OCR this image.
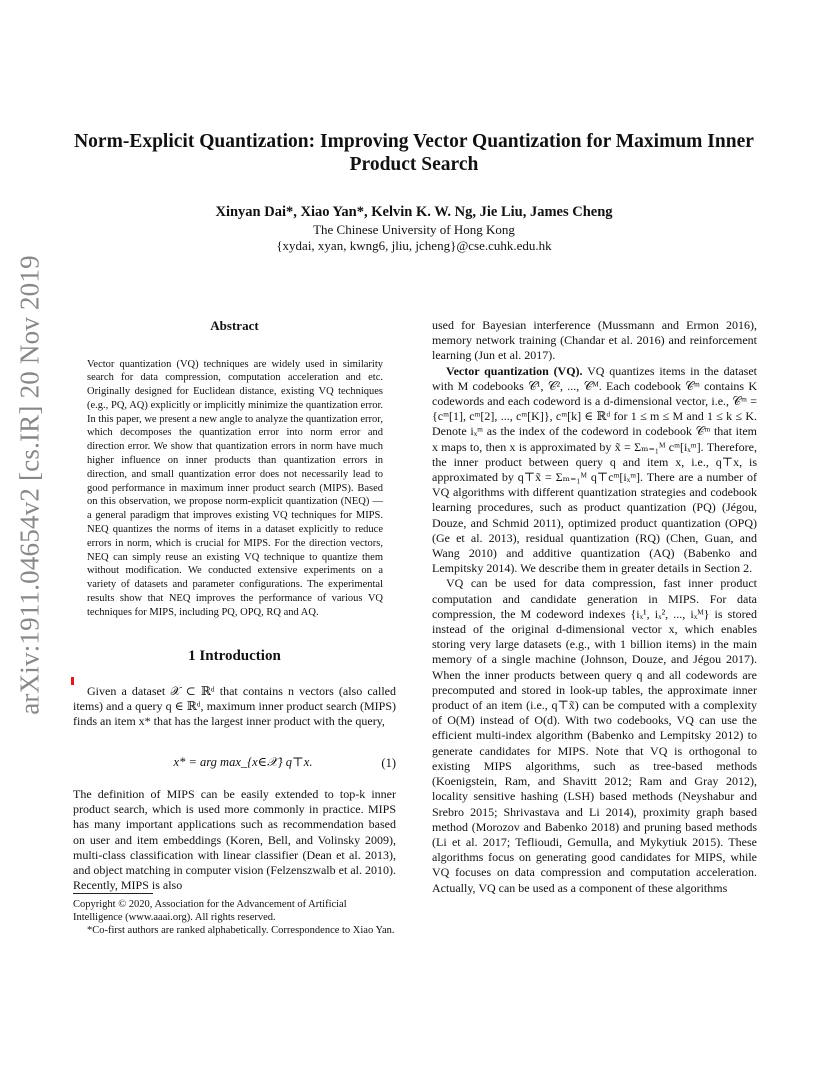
arXiv:1911.04654v2 [cs.IR] 20 Nov 2019
Norm-Explicit Quantization: Improving Vector Quantization for Maximum Inner Product Search
Xinyan Dai*, Xiao Yan*, Kelvin K. W. Ng, Jie Liu, James Cheng
The Chinese University of Hong Kong
{xydai, xyan, kwng6, jliu, jcheng}@cse.cuhk.edu.hk
Abstract

Vector quantization (VQ) techniques are widely used in similarity search for data compression, computation acceleration and etc. Originally designed for Euclidean distance, existing VQ techniques (e.g., PQ, AQ) explicitly or implicitly minimize the quantization error. In this paper, we present a new angle to analyze the quantization error, which decomposes the quantization error into norm error and direction error. We show that quantization errors in norm have much higher influence on inner products than quantization errors in direction, and small quantization error does not necessarily lead to good performance in maximum inner product search (MIPS). Based on this observation, we propose norm-explicit quantization (NEQ) — a general paradigm that improves existing VQ techniques for MIPS. NEQ quantizes the norms of items in a dataset explicitly to reduce errors in norm, which is crucial for MIPS. For the direction vectors, NEQ can simply reuse an existing VQ technique to quantize them without modification. We conducted extensive experiments on a variety of datasets and parameter configurations. The experimental results show that NEQ improves the performance of various VQ techniques for MIPS, including PQ, OPQ, RQ and AQ.

1 Introduction

Given a dataset 𝒳 ⊂ ℝᵈ that contains n vectors (also called items) and a query q ∈ ℝᵈ, maximum inner product search (MIPS) finds an item x* that has the largest inner product with the query,

x* = arg max_{x∈𝒳} q⊤x.	(1)

The definition of MIPS can be easily extended to top-k inner product search, which is used more commonly in practice. MIPS has many important applications such as recommendation based on user and item embeddings (Koren, Bell, and Volinsky 2009), multi-class classification with linear classifier (Dean et al. 2013), and object matching in computer vision (Felzenszwalb et al. 2010). Recently, MIPS is also

Copyright © 2020, Association for the Advancement of Artificial Intelligence (www.aaai.org). All rights reserved.
*Co-first authors are ranked alphabetically. Correspondence to Xiao Yan.

used for Bayesian interference (Mussmann and Ermon 2016), memory network training (Chandar et al. 2016) and reinforcement learning (Jun et al. 2017).

Vector quantization (VQ). VQ quantizes items in the dataset with M codebooks 𝒞¹, 𝒞², ..., 𝒞ᴹ. Each codebook 𝒞ᵐ contains K codewords and each codeword is a d-dimensional vector, i.e., 𝒞ᵐ = {cᵐ[1], cᵐ[2], ..., cᵐ[K]}, cᵐ[k] ∈ ℝᵈ for 1 ≤ m ≤ M and 1 ≤ k ≤ K. Denote iₓᵐ as the index of the codeword in codebook 𝒞ᵐ that item x maps to, then x is approximated by x̃ = Σₘ₌₁ᴹ cᵐ[iₓᵐ]. Therefore, the inner product between query q and item x, i.e., q⊤x, is approximated by q⊤x̃ = Σₘ₌₁ᴹ q⊤cᵐ[iₓᵐ]. There are a number of VQ algorithms with different quantization strategies and codebook learning procedures, such as product quantization (PQ) (Jégou, Douze, and Schmid 2011), optimized product quantization (OPQ) (Ge et al. 2013), residual quantization (RQ) (Chen, Guan, and Wang 2010) and additive quantization (AQ) (Babenko and Lempitsky 2014). We describe them in greater details in Section 2.

VQ can be used for data compression, fast inner product computation and candidate generation in MIPS. For data compression, the M codeword indexes {iₓ¹, iₓ², ..., iₓᴹ} is stored instead of the original d-dimensional vector x, which enables storing very large datasets (e.g., with 1 billion items) in the main memory of a single machine (Johnson, Douze, and Jégou 2017). When the inner products between query q and all codewords are precomputed and stored in look-up tables, the approximate inner product of an item (i.e., q⊤x̃) can be computed with a complexity of O(M) instead of O(d). With two codebooks, VQ can use the efficient multi-index algorithm (Babenko and Lempitsky 2012) to generate candidates for MIPS. Note that VQ is orthogonal to existing MIPS algorithms, such as tree-based methods (Koenigstein, Ram, and Shavitt 2012; Ram and Gray 2012), locality sensitive hashing (LSH) based methods (Neyshabur and Srebro 2015; Shrivastava and Li 2014), proximity graph based method (Morozov and Babenko 2018) and pruning based methods (Li et al. 2017; Teflioudi, Gemulla, and Mykytiuk 2015). These algorithms focus on generating good candidates for MIPS, while VQ focuses on data compression and computation acceleration. Actually, VQ can be used as a component of these algorithms
